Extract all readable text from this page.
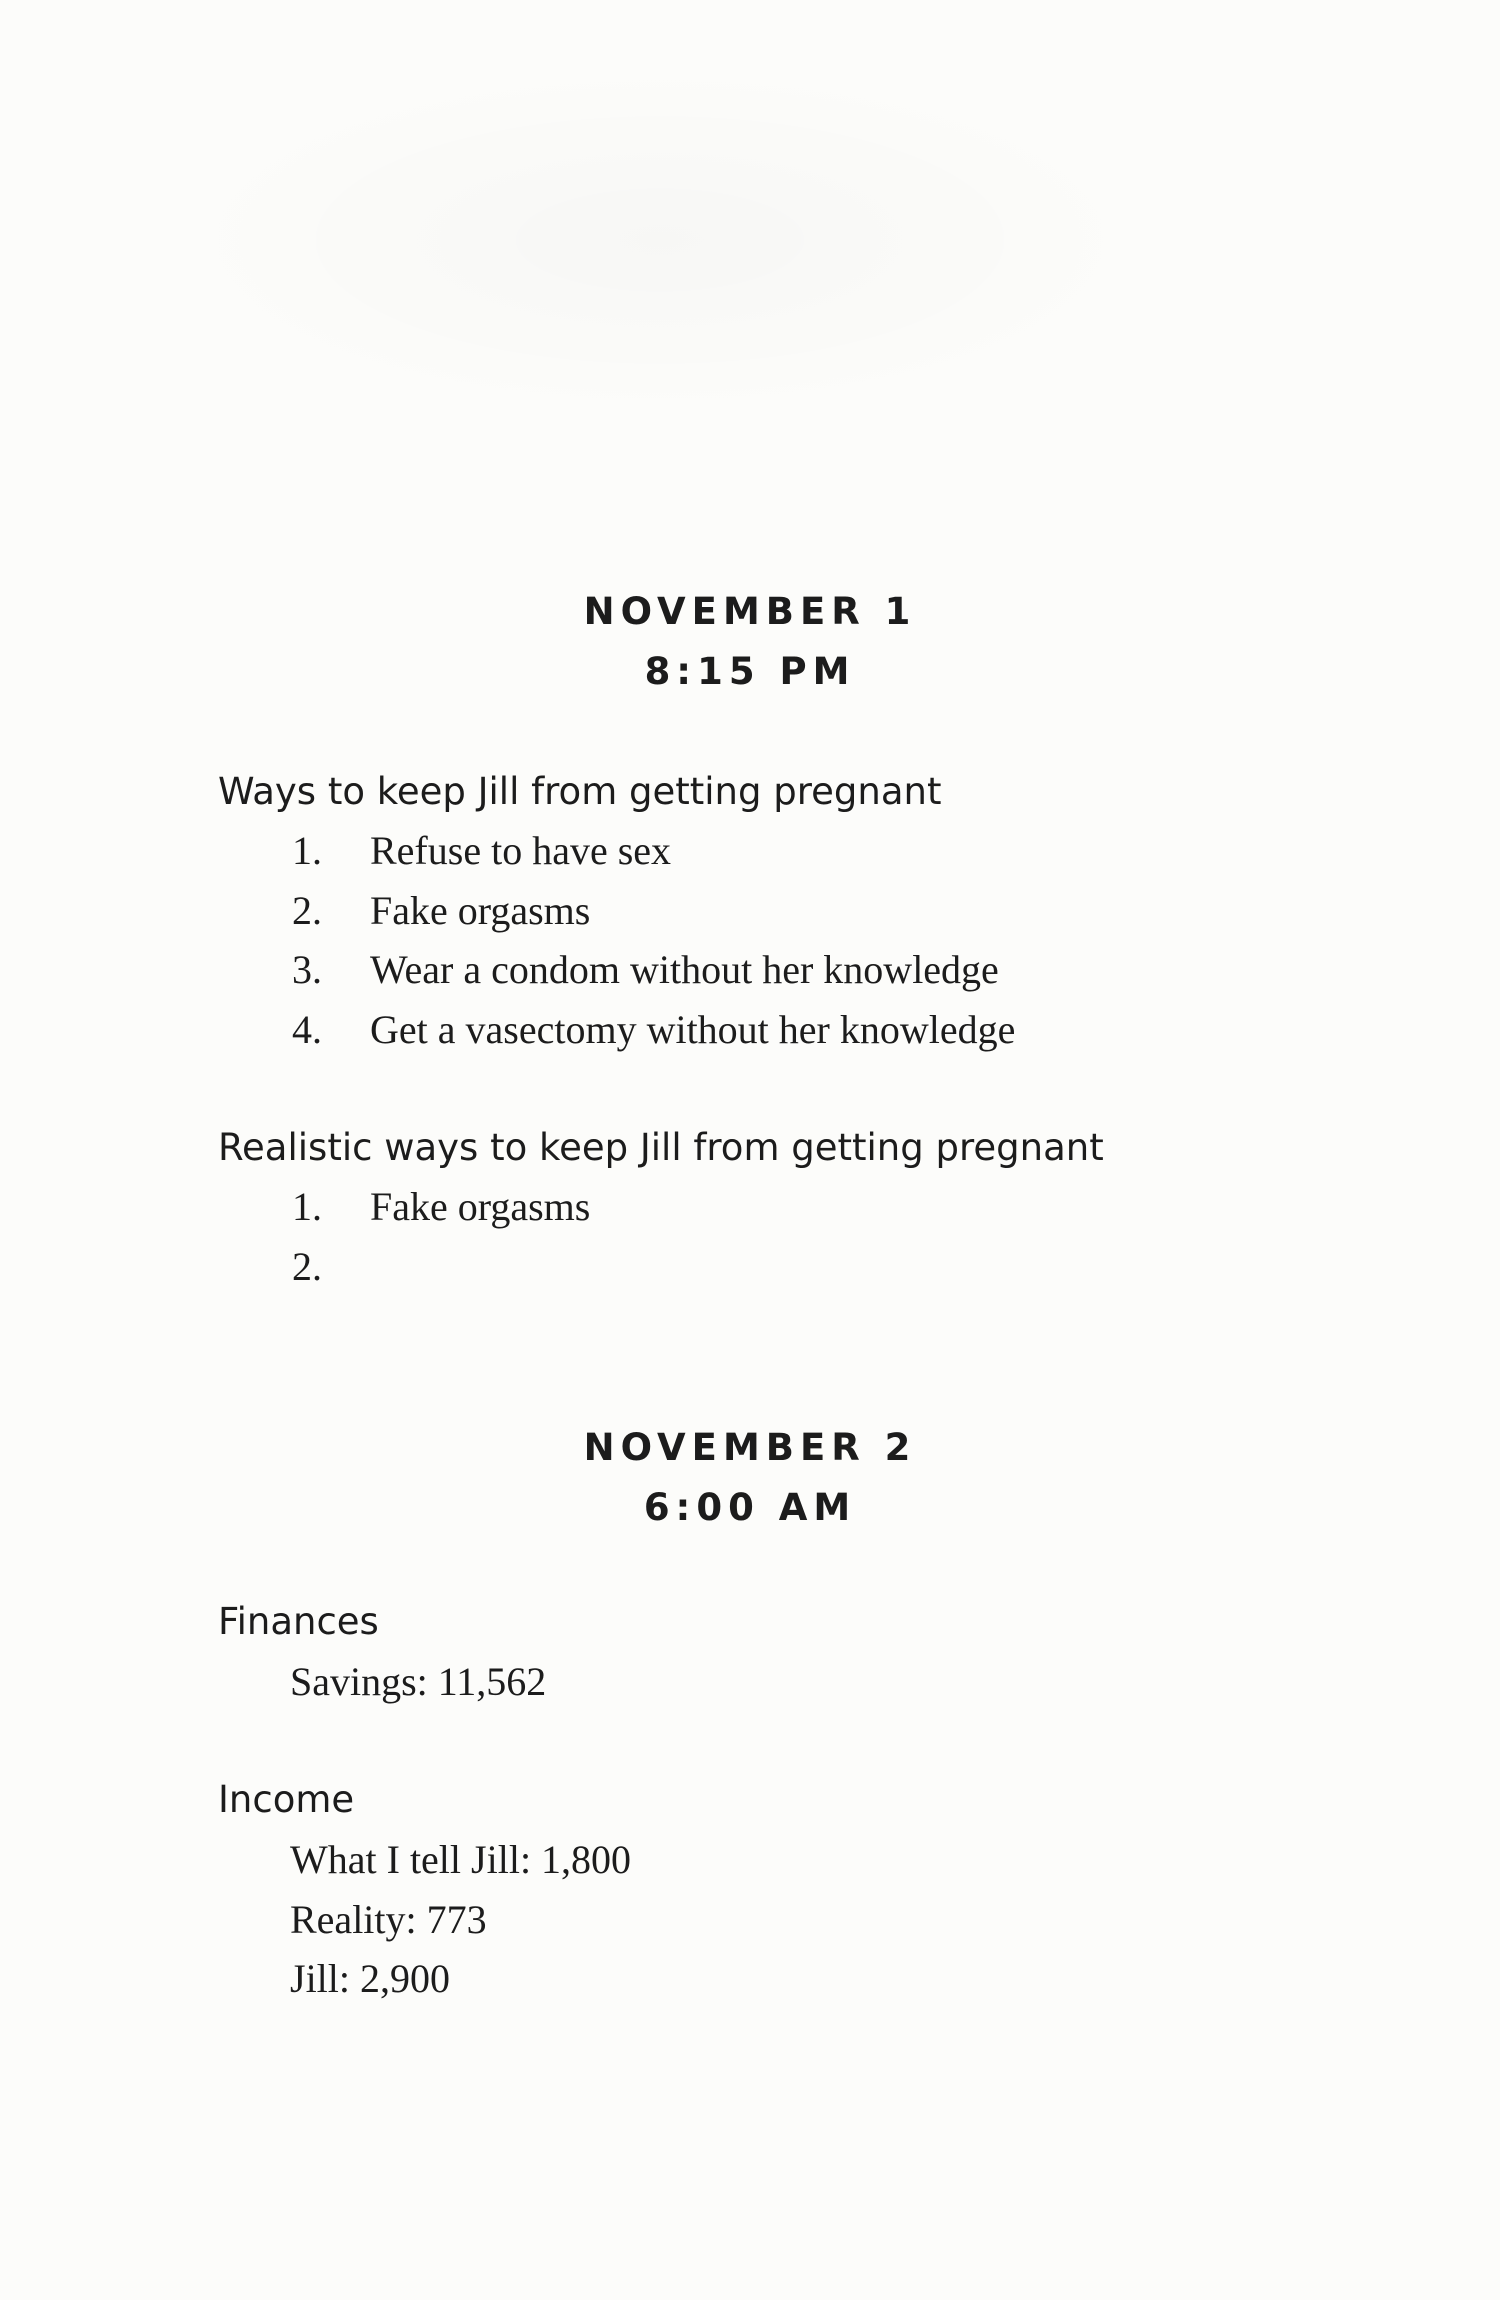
NOVEMBER 1
8:15 PM
Ways to keep Jill from getting pregnant
1. Refuse to have sex
2. Fake orgasms
3. Wear a condom without her knowledge
4. Get a vasectomy without her knowledge
Realistic ways to keep Jill from getting pregnant
1. Fake orgasms
2.
NOVEMBER 2
6:00 AM
Finances
Savings: 11,562
Income
What I tell Jill: 1,800
Reality: 773
Jill: 2,900
